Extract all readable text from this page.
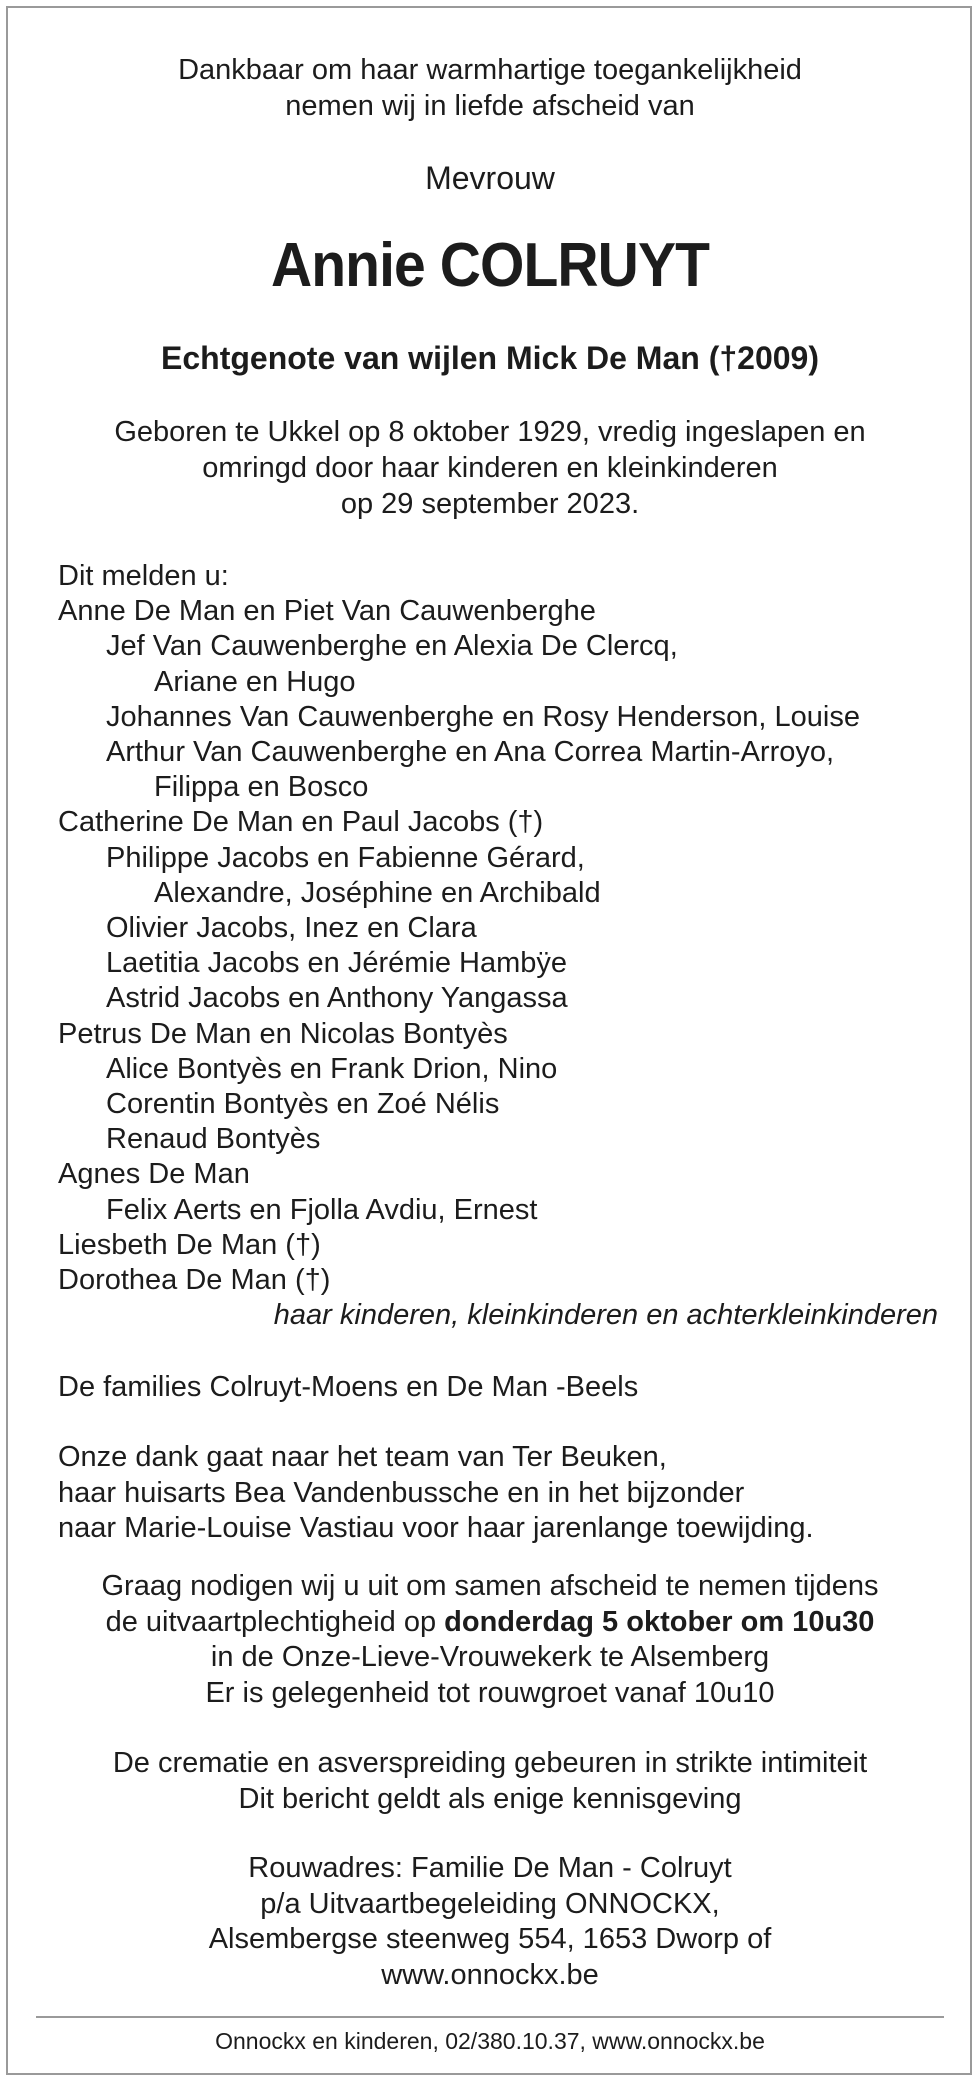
Dankbaar om haar warmhartige toegankelijkheid
nemen wij in liefde afscheid van
Mevrouw
Annie COLRUYT
Echtgenote van wijlen Mick De Man (†2009)
Geboren te Ukkel op 8 oktober 1929, vredig ingeslapen en
omringd door haar kinderen en kleinkinderen
op 29 september 2023.
Dit melden u:
Anne De Man en Piet Van Cauwenberghe
Jef Van Cauwenberghe en Alexia De Clercq,
Ariane en Hugo
Johannes Van Cauwenberghe en Rosy Henderson, Louise
Arthur Van Cauwenberghe en Ana Correa Martin-Arroyo,
Filippa en Bosco
Catherine De Man en Paul Jacobs (†)
Philippe Jacobs en Fabienne Gérard,
Alexandre, Joséphine en Archibald
Olivier Jacobs, Inez en Clara
Laetitia Jacobs en Jérémie Hambÿe
Astrid Jacobs en Anthony Yangassa
Petrus De Man en Nicolas Bontyès
Alice Bontyès en Frank Drion, Nino
Corentin Bontyès en Zoé Nélis
Renaud Bontyès
Agnes De Man
Felix Aerts en Fjolla Avdiu, Ernest
Liesbeth De Man (†)
Dorothea De Man (†)
haar kinderen, kleinkinderen en achterkleinkinderen
De families Colruyt-Moens en De Man -Beels
Onze dank gaat naar het team van Ter Beuken,
haar huisarts Bea Vandenbussche en in het bijzonder
naar Marie-Louise Vastiau voor haar jarenlange toewijding.
Graag nodigen wij u uit om samen afscheid te nemen tijdens
de uitvaartplechtigheid op donderdag 5 oktober om 10u30
in de Onze-Lieve-Vrouwekerk te Alsemberg
Er is gelegenheid tot rouwgroet vanaf 10u10
De crematie en asverspreiding gebeuren in strikte intimiteit
Dit bericht geldt als enige kennisgeving
Rouwadres: Familie De Man - Colruyt
p/a Uitvaartbegeleiding ONNOCKX,
Alsembergse steenweg 554, 1653 Dworp of
www.onnockx.be
Onnockx en kinderen, 02/380.10.37, www.onnockx.be
